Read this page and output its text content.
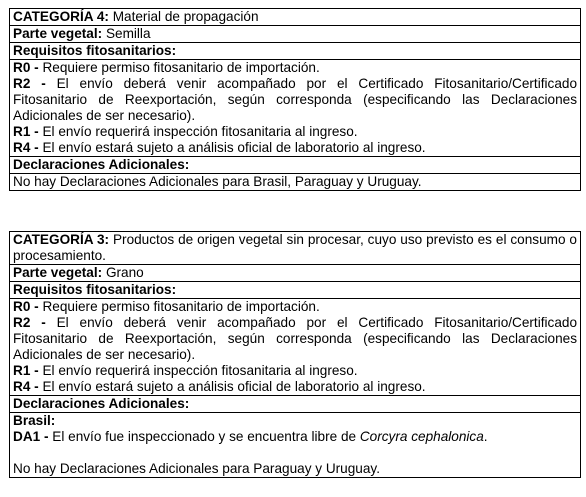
CATEGORÍA 4: Material de propagación
Parte vegetal: Semilla
Requisitos fitosanitarios:
R0 - Requiere permiso fitosanitario de importación.
R2 - El envío deberá venir acompañado por el Certificado Fitosanitario/Certificado Fitosanitario de Reexportación, según corresponda (especificando las Declaraciones Adicionales de ser necesario).
R1 - El envío requerirá inspección fitosanitaria al ingreso.
R4 - El envío estará sujeto a análisis oficial de laboratorio al ingreso.
Declaraciones Adicionales:
No hay Declaraciones Adicionales para Brasil, Paraguay y Uruguay.
CATEGORÍA 3: Productos de origen vegetal sin procesar, cuyo uso previsto es el consumo o procesamiento.
Parte vegetal: Grano
Requisitos fitosanitarios:
R0 - Requiere permiso fitosanitario de importación.
R2 - El envío deberá venir acompañado por el Certificado Fitosanitario/Certificado Fitosanitario de Reexportación, según corresponda (especificando las Declaraciones Adicionales de ser necesario).
R1 - El envío requerirá inspección fitosanitaria al ingreso.
R4 - El envío estará sujeto a análisis oficial de laboratorio al ingreso.
Declaraciones Adicionales:
Brasil:
DA1 - El envío fue inspeccionado y se encuentra libre de Corcyra cephalonica.
No hay Declaraciones Adicionales para Paraguay y Uruguay.
